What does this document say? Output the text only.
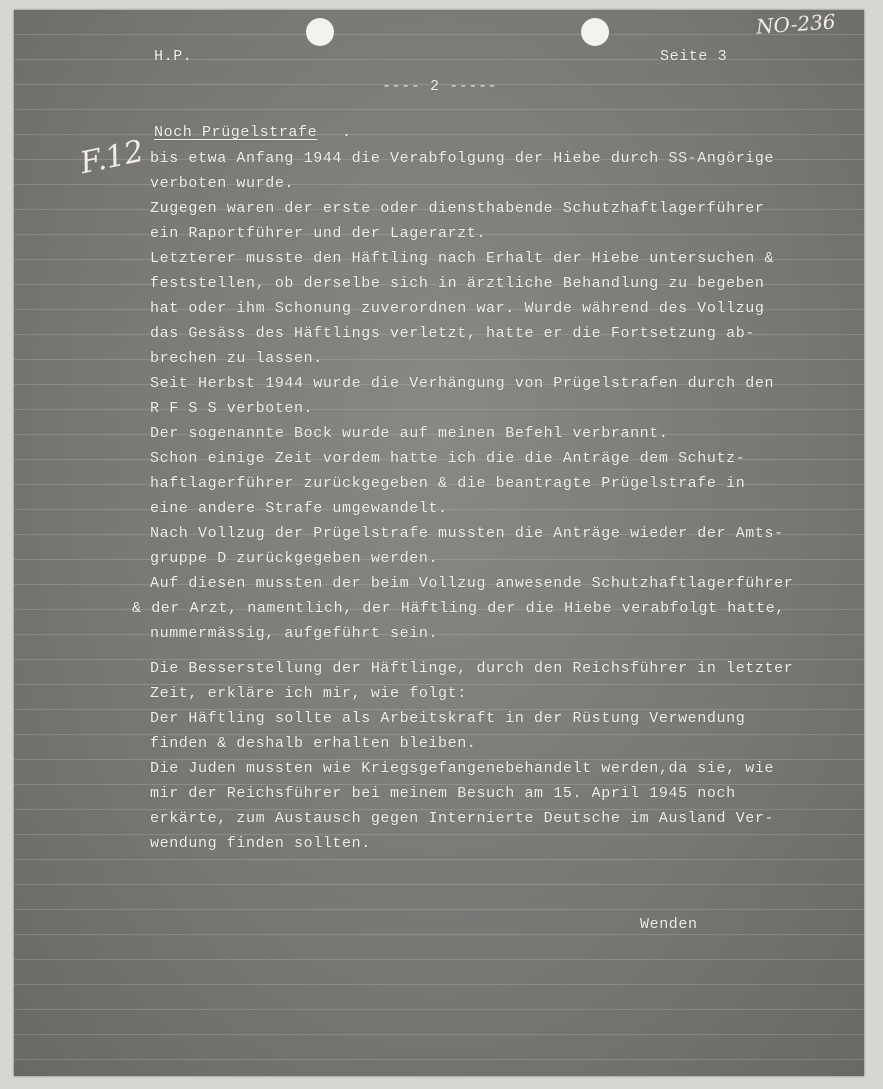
H.P.	Seite 3
---- 2 -----
NO-236
F.12
Noch Prügelstrafe .
bis etwa Anfang 1944 die Verabfolgung der Hiebe durch SS-Angörige
verboten wurde.
Zugegen waren der erste oder diensthabende Schutzhaftlagerführer
ein Raportführer und der Lagerarzt.
Letzterer musste den Häftling nach Erhalt der Hiebe untersuchen &
feststellen, ob derselbe sich in ärztliche Behandlung zu begeben
hat oder ihm Schonung zuverordnen war. Wurde während des Vollzug
das Gesäss des Häftlings verletzt, hatte er die Fortsetzung ab-
brechen zu lassen.
Seit Herbst 1944 wurde die Verhängung von Prügelstrafen durch den
R F S S verboten.
Der sogenannte Bock wurde auf meinen Befehl verbrannt.
Schon einige Zeit vordem hatte ich die die Anträge dem Schutz-
haftlagerführer zurückgegeben & die beantragte Prügelstrafe in
eine andere Strafe umgewandelt.
Nach Vollzug der Prügelstrafe mussten die Anträge wieder der Amts-
gruppe D zurückgegeben werden.
Auf diesen mussten der beim Vollzug anwesende Schutzhaftlagerführer
& der Arzt, namentlich, der Häftling der die Hiebe verabfolgt hatte,
nummermässig, aufgeführt sein.
Die Besserstellung der Häftlinge, durch den Reichsführer in letzter
Zeit, erkläre ich mir, wie folgt:
Der Häftling sollte als Arbeitskraft in der Rüstung Verwendung
finden & deshalb erhalten bleiben.
Die Juden mussten wie Kriegsgefangenebehandelt werden,da sie, wie
mir der Reichsführer bei meinem Besuch am 15. April 1945 noch
erkärte, zum Austausch gegen Internierte Deutsche im Ausland Ver-
wendung finden sollten.
Wenden
